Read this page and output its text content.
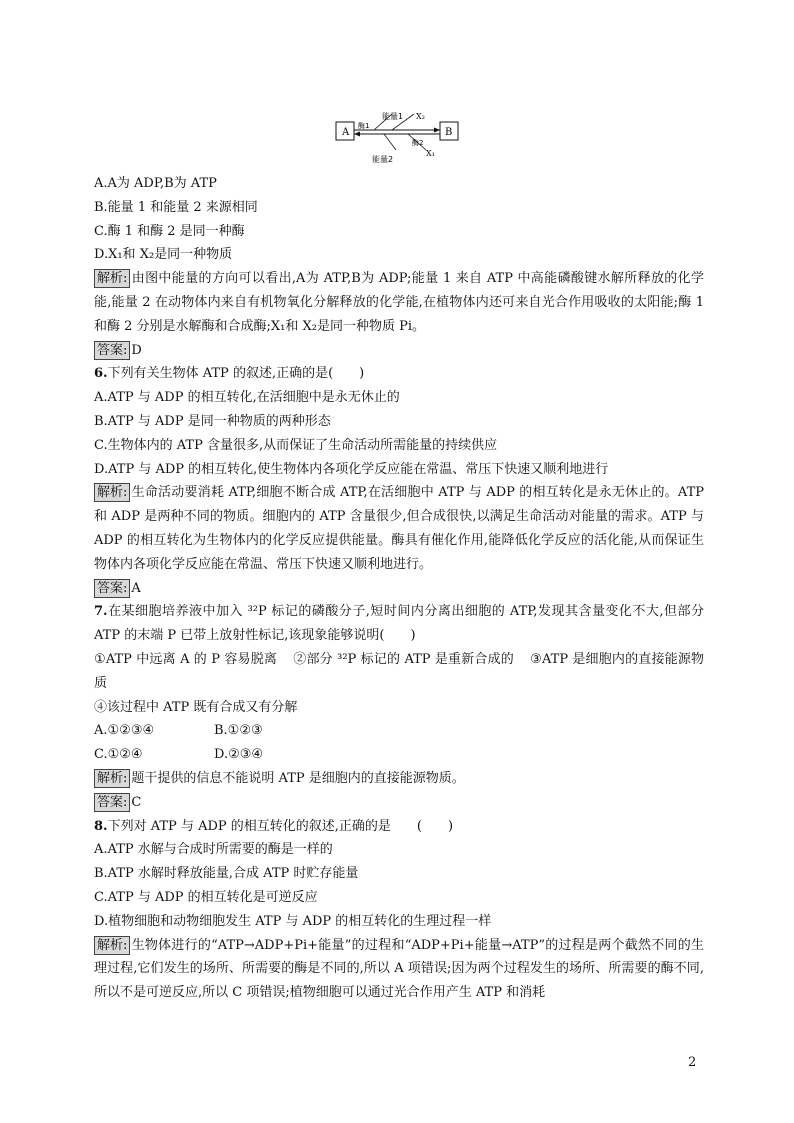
A	B
能量1 X₂
酶1
酶2
能量2
X₁
A.A为 ADP,B为 ATP
B.能量 1 和能量 2 来源相同
C.酶 1 和酶 2 是同一种酶
D.X₁和 X₂是同一种物质
解析: 由图中能量的方向可以看出,A为 ATP,B为 ADP;能量 1 来自 ATP 中高能磷酸键水解所释放的化学能,能量 2 在动物体内来自有机物氧化分解释放的化学能,在植物体内还可来自光合作用吸收的太阳能;酶 1 和酶 2 分别是水解酶和合成酶;X₁和 X₂是同一种物质 Pi。
答案: D
6.下列有关生物体 ATP 的叙述,正确的是(　　)
A.ATP 与 ADP 的相互转化,在活细胞中是永无休止的
B.ATP 与 ADP 是同一种物质的两种形态
C.生物体内的 ATP 含量很多,从而保证了生命活动所需能量的持续供应
D.ATP 与 ADP 的相互转化,使生物体内各项化学反应能在常温、常压下快速又顺利地进行
解析: 生命活动要消耗 ATP,细胞不断合成 ATP,在活细胞中 ATP 与 ADP 的相互转化是永无休止的。ATP 和 ADP 是两种不同的物质。细胞内的 ATP 含量很少,但合成很快,以满足生命活动对能量的需求。ATP 与 ADP 的相互转化为生物体内的化学反应提供能量。酶具有催化作用,能降低化学反应的活化能,从而保证生物体内各项化学反应能在常温、常压下快速又顺利地进行。
答案: A
7.在某细胞培养液中加入 ³²P 标记的磷酸分子,短时间内分离出细胞的 ATP,发现其含量变化不大,但部分 ATP 的末端 P 已带上放射性标记,该现象能够说明(　　)
①ATP 中远离 A 的 P 容易脱离 ②部分 ³²P 标记的 ATP 是重新合成的 ③ATP 是细胞内的直接能源物质
④该过程中 ATP 既有合成又有分解
A.①②③④	B.①②③
C.①②④	D.②③④
解析: 题干提供的信息不能说明 ATP 是细胞内的直接能源物质。
答案: C
8.下列对 ATP 与 ADP 的相互转化的叙述,正确的是　　(　　)
A.ATP 水解与合成时所需要的酶是一样的
B.ATP 水解时释放能量,合成 ATP 时贮存能量
C.ATP 与 ADP 的相互转化是可逆反应
D.植物细胞和动物细胞发生 ATP 与 ADP 的相互转化的生理过程一样
解析: 生物体进行的“ATP→ADP+Pi+能量”的过程和“ADP+Pi+能量→ATP”的过程是两个截然不同的生理过程,它们发生的场所、所需要的酶是不同的,所以 A 项错误;因为两个过程发生的场所、所需要的酶不同,所以不是可逆反应,所以 C 项错误;植物细胞可以通过光合作用产生 ATP 和消耗
2
